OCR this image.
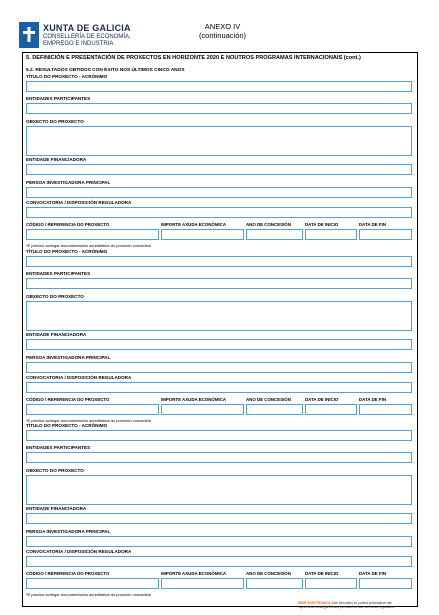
XUNTA DE GALICIA
CONSELLERÍA DE ECONOMÍA,
EMPREGO E INDUSTRIA
ANEXO IV
(continuación)
5. DEFINICIÓN E PRESENTACIÓN DE PROXECTOS EN HORIZONTE 2020 E NOUTROS PROGRAMAS INTERNACIONAIS (cont.)
5.2. RESULTADOS OBTIDOS CON ÉXITO NOS ÚLTIMOS CINCO ANOS
TÍTULO DO PROXECTO - ACRÓNIMO
ENTIDADES PARTICIPANTES
OBXECTO DO PROXECTO
ENTIDADE FINANCIADORA
PERSOA INVESTIGADORA PRINCIPAL
CONVOCATORIA / DISPOSICIÓN REGULADORA
CÓDIGO / REFERENCIA DO PROXECTO	IMPORTE AXUDA ECONÓMICA	ANO DE CONCESIÓN	DATA DE INICIO	DATA DE FIN
*É preciso achegar documentación acreditativa do proxecto concedido
TÍTULO DO PROXECTO - ACRÓNIMO
ENTIDADES PARTICIPANTES
OBXECTO DO PROXECTO
ENTIDADE FINANCIADORA
PERSOA INVESTIGADORA PRINCIPAL
CONVOCATORIA / DISPOSICIÓN REGULADORA
CÓDIGO / REFERENCIA DO PROXECTO	IMPORTE AXUDA ECONÓMICA	ANO DE CONCESIÓN	DATA DE INICIO	DATA DE FIN
*É preciso achegar documentación acreditativa do proxecto concedido
TÍTULO DO PROXECTO - ACRÓNIMO
ENTIDADES PARTICIPANTES
OBXECTO DO PROXECTO
ENTIDADE FINANCIADORA
PERSOA INVESTIGADORA PRINCIPAL
CONVOCATORIA / DISPOSICIÓN REGULADORA
CÓDIGO / REFERENCIA DO PROXECTO	IMPORTE AXUDA ECONÓMICA	ANO DE CONCESIÓN	DATA DE INICIO	DATA DE FIN
*É preciso achegar documentación acreditativa do proxecto concedido
SEDE ELECTRÓNICA Este formulario só poderá presentarse nas
https://sede.xunta.gal formas previstas na súa normativa reguladora
